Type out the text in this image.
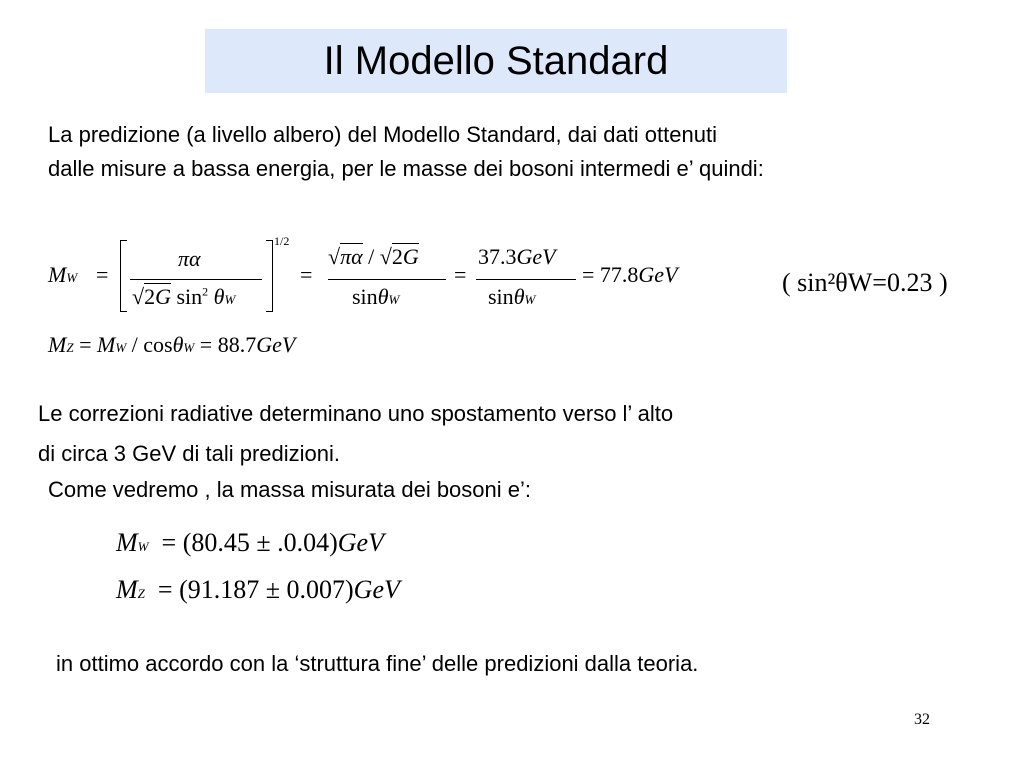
Il Modello Standard
La predizione (a livello albero) del Modello Standard, dai dati ottenuti
dalle misure a bassa energia, per le masse dei bosoni intermedi e’ quindi:
MW =
πα
√2G $\sin^2 \theta W$
1/2
=
√πα / √2G
sinθW
=
37.3GeV
sinθW
= 77.8GeV	( sin²θW=0.23 )
MZ = MW / cosθW = 88.7GeV
Le correzioni radiative determinano uno spostamento verso l’ alto
di circa 3 GeV di tali predizioni.
Come vedremo , la massa misurata dei bosoni e’:
MW  = (80.45 ± .0.04)GeV
MZ  = (91.187 ± 0.007)GeV
in ottimo accordo con la ‘struttura fine’ delle predizioni dalla teoria.
32
